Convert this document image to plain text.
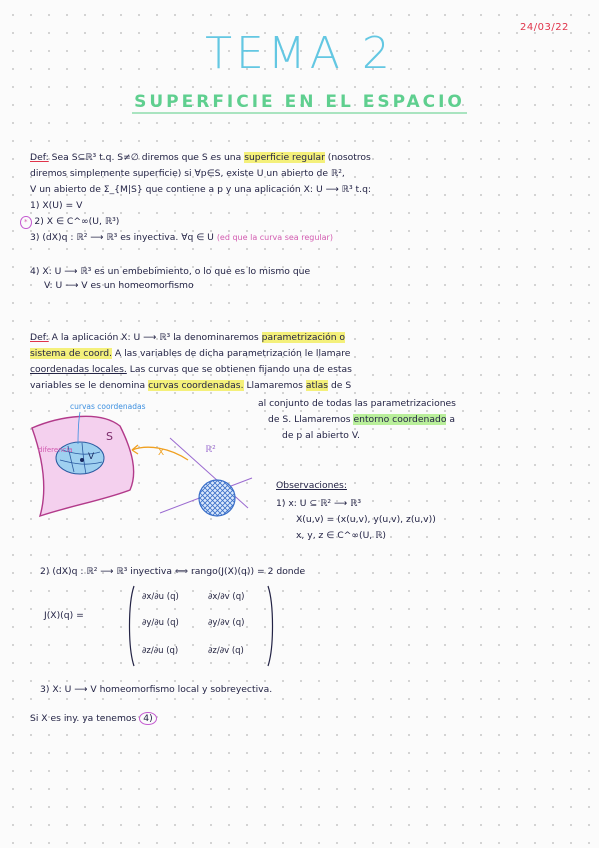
24/03/22
TEMA 2
SUPERFICIE EN EL ESPACIO
Def: Sea S⊆ℝ³ t.q. S≠∅ diremos que S es una superficie regular (nosotros
diremos simplemente superficie) si ∀p∈S, existe U un abierto de ℝ²,
V un abierto de Σ_{M|S} que contiene a p y una aplicación X: U ⟶ ℝ³ t.q:
1) X(U) = V
* 2) X ∈ C^∞(U, ℝ³)
3) (dX)q : ℝ² ⟶ ℝ³ es inyectiva. ∀q ∈ U (ed que la curva sea regular)
4) X: U ⟶ ℝ³ es un embebimiento, o lo que es lo mismo que
V: U ⟶ V es un homeomorfismo
Def: A la aplicación X: U ⟶ ℝ³ la denominaremos parametrización o
sistema de coord. A las variables de dicha parametrización le llamare
coordenadas locales. Las curvas que se obtienen fijando una de estas
variables se le denomina curvas coordenadas. Llamaremos atlas de S
al conjunto de todas las parametrizaciones
de S. Llamaremos entorno coordenado a
de p al abierto V.
curvas coordenadas
diferencia
V
S
X	ℝ²
Observaciones:
1) x: U ⊆ ℝ² ⟶ ℝ³
X(u,v) = (x(u,v), y(u,v), z(u,v))
x, y, z ∈ C^∞(U, ℝ)
2) (dX)q : ℝ² ⟶ ℝ³ inyectiva ⟺ rango(J(X)(q)) = 2 donde
J(X)(q) =
∂x/∂u (q)	∂x/∂v (q)
∂y/∂u (q)	∂y/∂v (q)
∂z/∂u (q)	∂z/∂v (q)
3) X: U ⟶ V homeomorfismo local y sobreyectiva.
Si X es iny. ya tenemos 4)
